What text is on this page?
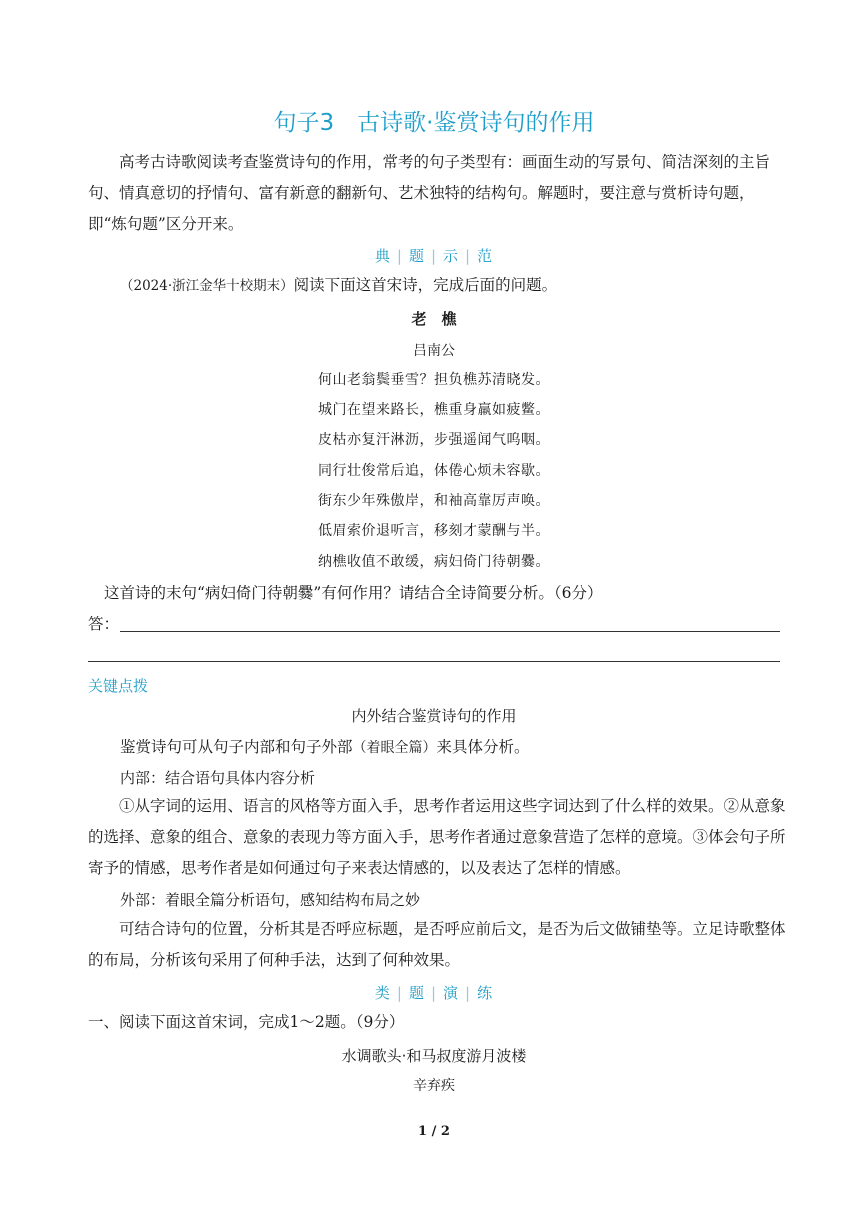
句子3　古诗歌·鉴赏诗句的作用
高考古诗歌阅读考查鉴赏诗句的作用，常考的句子类型有：画面生动的写景句、简洁深刻的主旨句、情真意切的抒情句、富有新意的翻新句、艺术独特的结构句。解题时，要注意与赏析诗句题，即“炼句题”区分开来。
典 | 题 | 示 | 范
（2024·浙江金华十校期末）阅读下面这首宋诗，完成后面的问题。
老　樵
吕南公
何山老翁鬓垂雪？担负樵苏清晓发。
城门在望来路长，樵重身羸如疲鳖。
皮枯亦复汗淋沥，步强遥闻气呜咽。
同行壮俊常后追，体倦心烦未容歇。
街东少年殊傲岸，和袖高靠厉声唤。
低眉索价退听言，移刻才蒙酬与半。
纳樵收值不敢缓，病妇倚门待朝爨。
这首诗的末句“病妇倚门待朝爨”有何作用？请结合全诗简要分析。（6分）
答：
关键点拨
内外结合鉴赏诗句的作用
鉴赏诗句可从句子内部和句子外部（着眼全篇）来具体分析。
内部：结合语句具体内容分析
①从字词的运用、语言的风格等方面入手，思考作者运用这些字词达到了什么样的效果。②从意象的选择、意象的组合、意象的表现力等方面入手，思考作者通过意象营造了怎样的意境。③体会句子所寄予的情感，思考作者是如何通过句子来表达情感的，以及表达了怎样的情感。
外部：着眼全篇分析语句，感知结构布局之妙
可结合诗句的位置，分析其是否呼应标题，是否呼应前后文，是否为后文做铺垫等。立足诗歌整体的布局，分析该句采用了何种手法，达到了何种效果。
类 | 题 | 演 | 练
一、阅读下面这首宋词，完成1～2题。（9分）
水调歌头·和马叔度游月波楼
辛弃疾
1 / 2
